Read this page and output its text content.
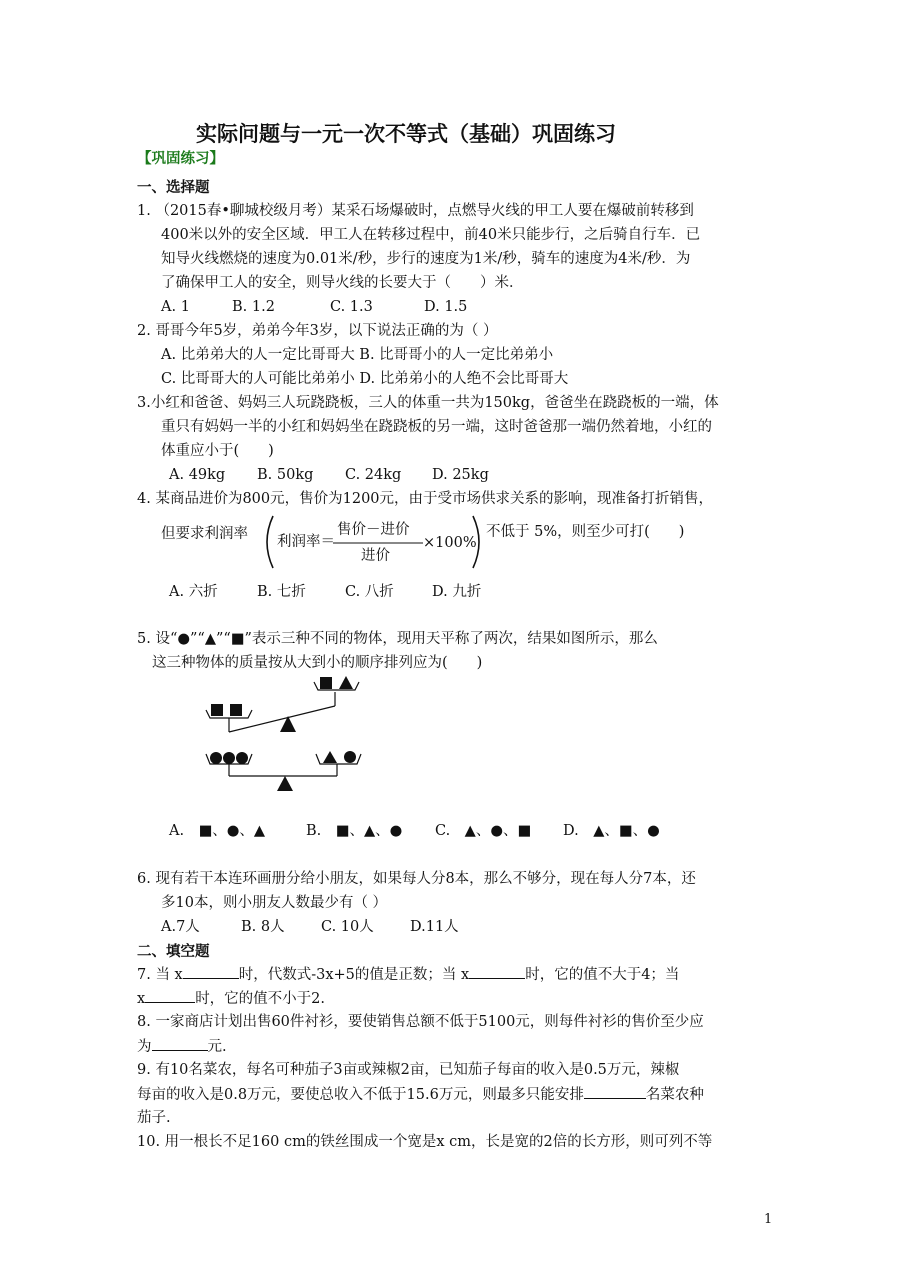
实际问题与一元一次不等式（基础）巩固练习
【巩固练习】
一、选择题
1. （2015春•聊城校级月考）某采石场爆破时，点燃导火线的甲工人要在爆破前转移到
400米以外的安全区域．甲工人在转移过程中，前40米只能步行，之后骑自行车．已
知导火线燃烧的速度为0.01米/秒，步行的速度为1米/秒，骑车的速度为4米/秒．为
了确保甲工人的安全，则导火线的长要大于（　　）米．
A. 1	B. 1.2	C. 1.3	D. 1.5
2. 哥哥今年5岁，弟弟今年3岁，以下说法正确的为（ ）
A. 比弟弟大的人一定比哥哥大 B. 比哥哥小的人一定比弟弟小
C. 比哥哥大的人可能比弟弟小 D. 比弟弟小的人绝不会比哥哥大
3.小红和爸爸、妈妈三人玩跷跷板，三人的体重一共为150kg，爸爸坐在跷跷板的一端，体
重只有妈妈一半的小红和妈妈坐在跷跷板的另一端，这时爸爸那一端仍然着地，小红的
体重应小于(　　)
A. 49kg B. 50kg C. 24kg D. 25kg
4. 某商品进价为800元，售价为1200元，由于受市场供求关系的影响，现准备打折销售，
但要求利润率 利润率＝
售价－进价
进价
×100%
不低于 5%，则至少可打(　　)
A. 六折	B. 七折	C. 八折	D. 九折
5. 设“●”“▲”“■”表示三种不同的物体，现用天平称了两次，结果如图所示，那么
这三种物体的质量按从大到小的顺序排列应为(　　)
A.　■、●、▲	B.　■、▲、● C.　▲、●、■ D.　▲、■、●
6. 现有若干本连环画册分给小朋友，如果每人分8本，那么不够分，现在每人分7本，还
多10本，则小朋友人数最少有（ ）
A.7人	B. 8人	C. 10人	D.11人
二、填空题
7. 当 x	时，代数式-3x+5的值是正数；当 x	时，它的值不大于4；当
x	时，它的值不小于2.
8. 一家商店计划出售60件衬衫，要使销售总额不低于5100元，则每件衬衫的售价至少应
为	元.
9. 有10名菜农，每名可种茄子3亩或辣椒2亩，已知茄子每亩的收入是0.5万元，辣椒
每亩的收入是0.8万元，要使总收入不低于15.6万元，则最多只能安排	名菜农种
茄子.
10. 用一根长不足160 cm的铁丝围成一个宽是x cm，长是宽的2倍的长方形，则可列不等
1
